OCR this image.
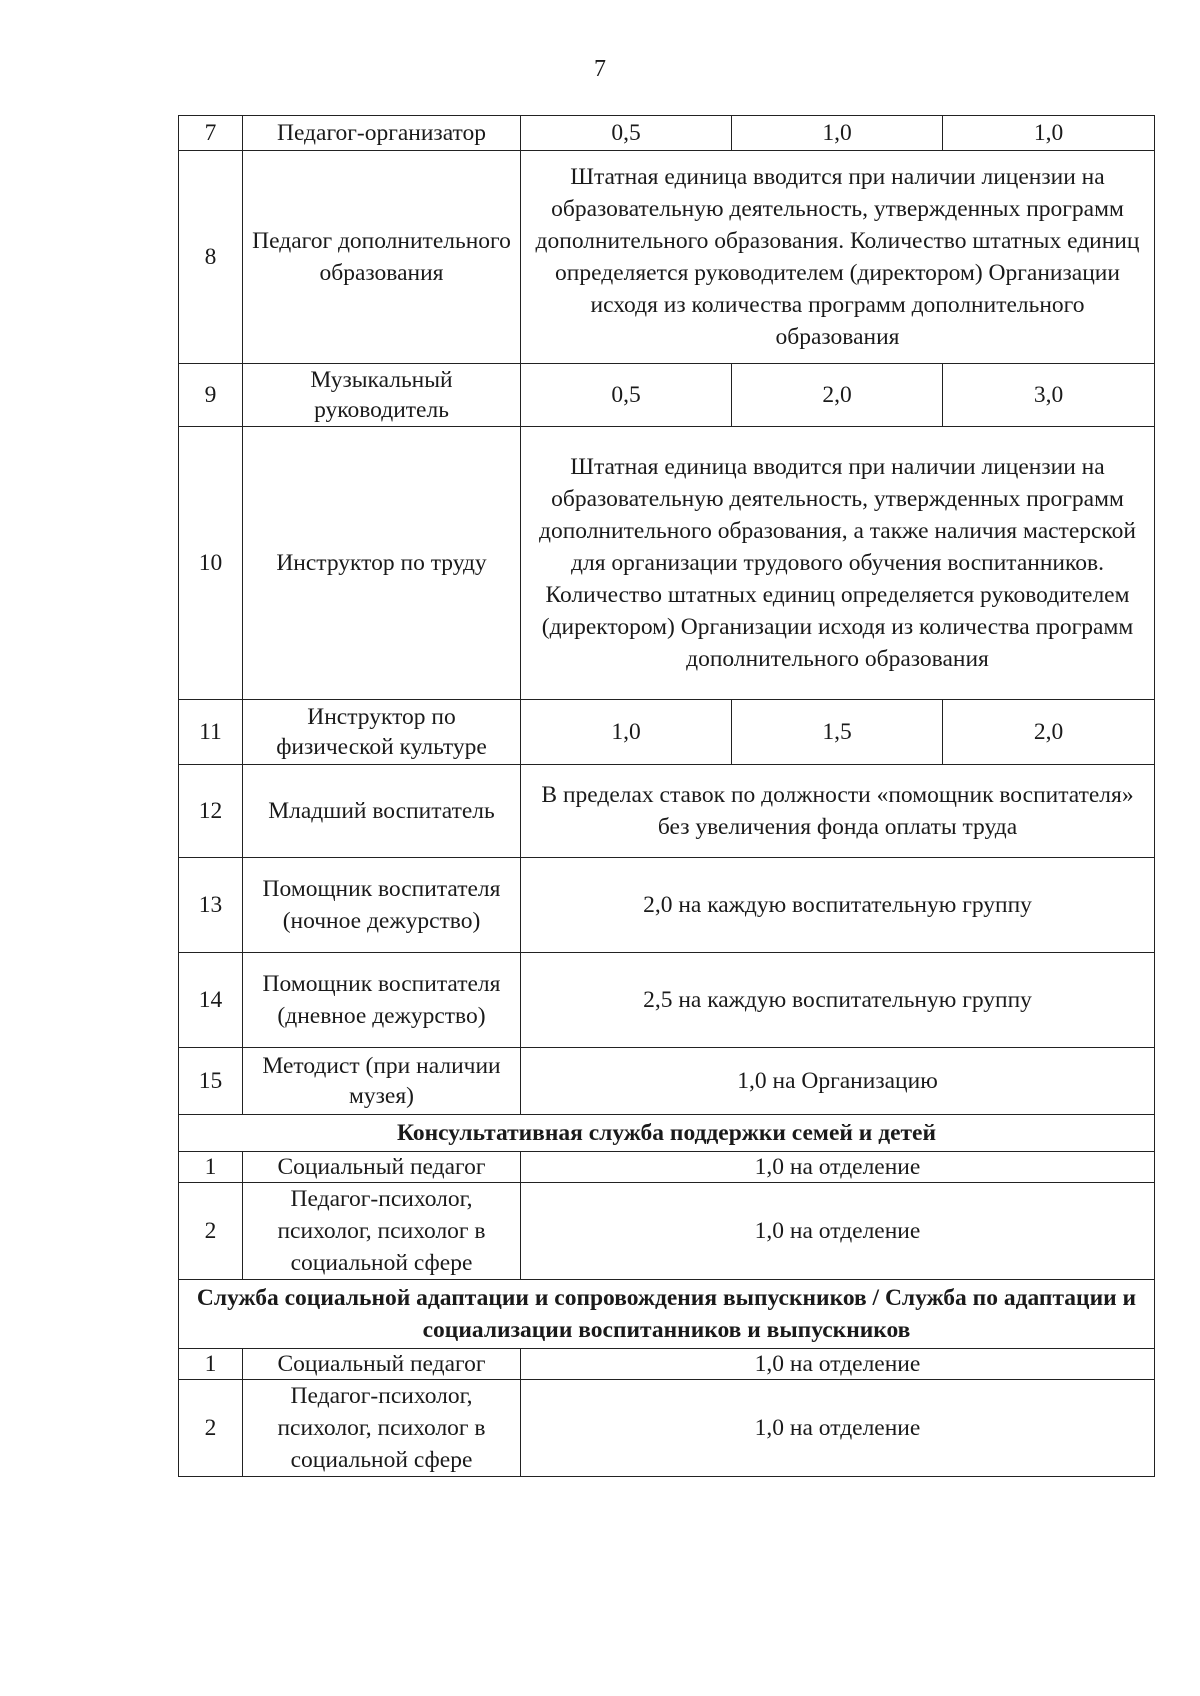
7
7	Педагог-организатор	0,5	1,0	1,0
8	Педагог дополнительного образования	Штатная единица вводится при наличии лицензии на образовательную деятельность, утвержденных программ дополнительного образования. Количество штатных единиц определяется руководителем (директором) Организации исходя из количества программ дополнительного образования		
9	Музыкальный руководитель	0,5	2,0	3,0
10	Инструктор по труду	Штатная единица вводится при наличии лицензии на образовательную деятельность, утвержденных программ дополнительного образования, а также наличия мастерской для организации трудового обучения воспитанников. Количество штатных единиц определяется руководителем (директором) Организации исходя из количества программ дополнительного образования		
11	Инструктор по физической культуре	1,0	1,5	2,0
12	Младший воспитатель	В пределах ставок по должности «помощник воспитателя» без увеличения фонда оплаты труда		
13	Помощник воспитателя (ночное дежурство)	2,0 на каждую воспитательную группу		
14	Помощник воспитателя (дневное дежурство)	2,5 на каждую воспитательную группу		
15	Методист (при наличии музея)	1,0 на Организацию		
Консультативная служба поддержки семей и детей				
1	Социальный педагог	1,0 на отделение		
2	Педагог-психолог, психолог, психолог в социальной сфере	1,0 на отделение		
Служба социальной адаптации и сопровождения выпускников / Служба по адаптации и социализации воспитанников и выпускников				
1	Социальный педагог	1,0 на отделение		
2	Педагог-психолог, психолог, психолог в социальной сфере	1,0 на отделение		
